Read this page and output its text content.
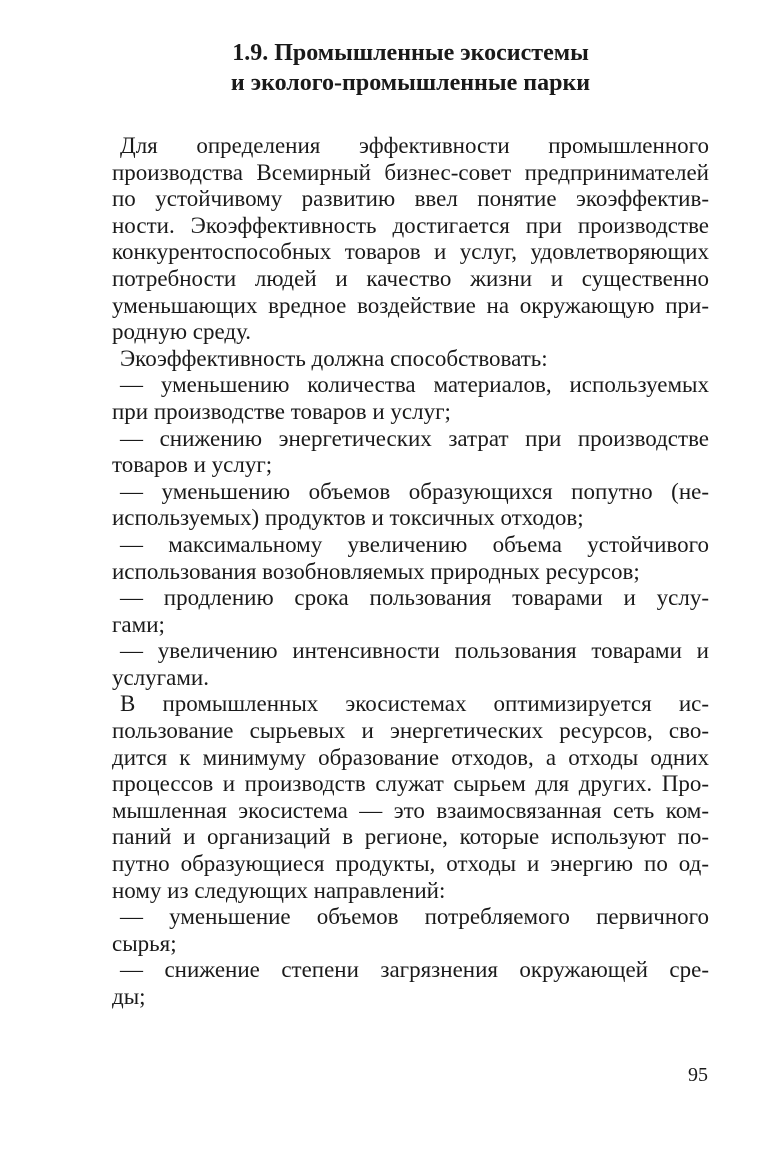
1.9. Промышленные экосистемы
и эколого-промышленные парки
Для определения эффективности промышленного
производства Всемирный бизнес-совет предпринимателей
по устойчивому развитию ввел понятие экоэффектив-
ности. Экоэффективность достигается при производстве
конкурентоспособных товаров и услуг, удовлетворяющих
потребности людей и качество жизни и существенно
уменьшающих вредное воздействие на окружающую при-
родную среду.
Экоэффективность должна способствовать:
— уменьшению количества материалов, используемых
при производстве товаров и услуг;
— снижению энергетических затрат при производстве
товаров и услуг;
— уменьшению объемов образующихся попутно (не-
используемых) продуктов и токсичных отходов;
— максимальному увеличению объема устойчивого
использования возобновляемых природных ресурсов;
— продлению срока пользования товарами и услу-
гами;
— увеличению интенсивности пользования товарами и
услугами.
В промышленных экосистемах оптимизируется ис-
пользование сырьевых и энергетических ресурсов, сво-
дится к минимуму образование отходов, а отходы одних
процессов и производств служат сырьем для других. Про-
мышленная экосистема — это взаимосвязанная сеть ком-
паний и организаций в регионе, которые используют по-
путно образующиеся продукты, отходы и энергию по од-
ному из следующих направлений:
— уменьшение объемов потребляемого первичного
сырья;
— снижение степени загрязнения окружающей сре-
ды;
95
